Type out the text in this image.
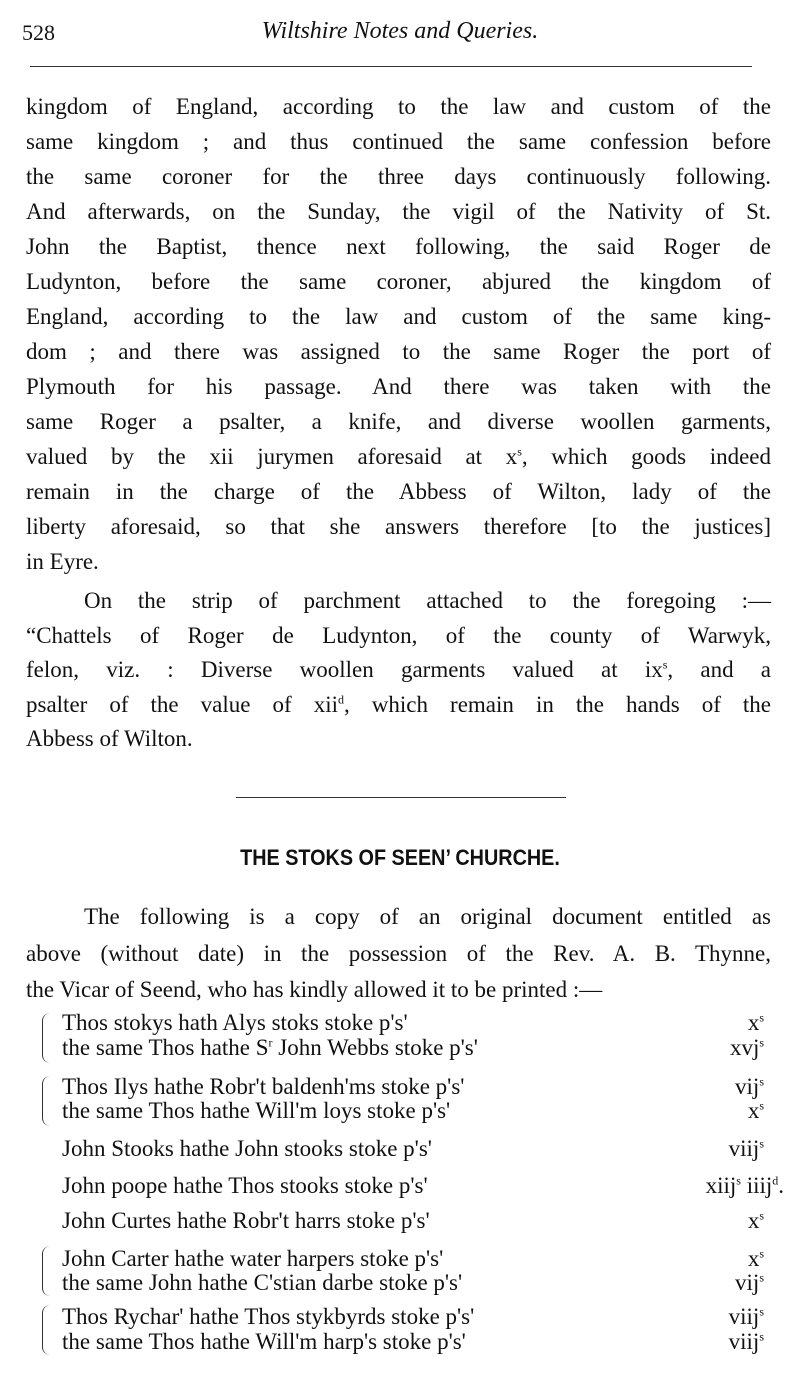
528	Wiltshire Notes and Queries.
kingdom of England, according to the law and custom of the
same kingdom ; and thus continued the same confession before
the same coroner for the three days continuously following.
And afterwards, on the Sunday, the vigil of the Nativity of St.
John the Baptist, thence next following, the said Roger de
Ludynton, before the same coroner, abjured the kingdom of
England, according to the law and custom of the same king-
dom ; and there was assigned to the same Roger the port of
Plymouth for his passage. And there was taken with the
same Roger a psalter, a knife, and diverse woollen garments,
valued by the xii jurymen aforesaid at $x^s$, which goods indeed
remain in the charge of the Abbess of Wilton, lady of the
liberty aforesaid, so that she answers therefore [to the justices]
in Eyre.
On the strip of parchment attached to the foregoing :—
“Chattels of Roger de Ludynton, of the county of Warwyk,
felon, viz. : Diverse woollen garments valued at $ix^s$, and a
psalter of the value of xii$^d$, which remain in the hands of the
Abbess of Wilton.
The following is a copy of an original document entitled as
above (without date) in the possession of the Rev. A. B. Thynne,
the Vicar of Seend, who has kindly allowed it to be printed :—
Thos stokys hath Alys stoks stoke p's'	$x^s$
the same Thos hathe $S^r$ John Webbs stoke p's'	xvj$^s$
Thos Ilys hathe Robr't baldenh'ms stoke p's'	vij$^s$
the same Thos hathe Will'm loys stoke p's'	$x^s$
John Stooks hathe John stooks stoke p's'	viij$^s$
John poope hathe Thos stooks stoke p's'	xiij$^s$ iiij$^d$.
John Curtes hathe Robr't harrs stoke p's'	$x^s$
John Carter hathe water harpers stoke p's'	$x^s$
the same John hathe C'stian darbe stoke p's'	vij$^s$
Thos Rychar' hathe Thos stykbyrds stoke p's'	viij$^s$
the same Thos hathe Will'm harp's stoke p's'	viij$^s$
THE STOKS OF SEEN’ CHURCHE.
